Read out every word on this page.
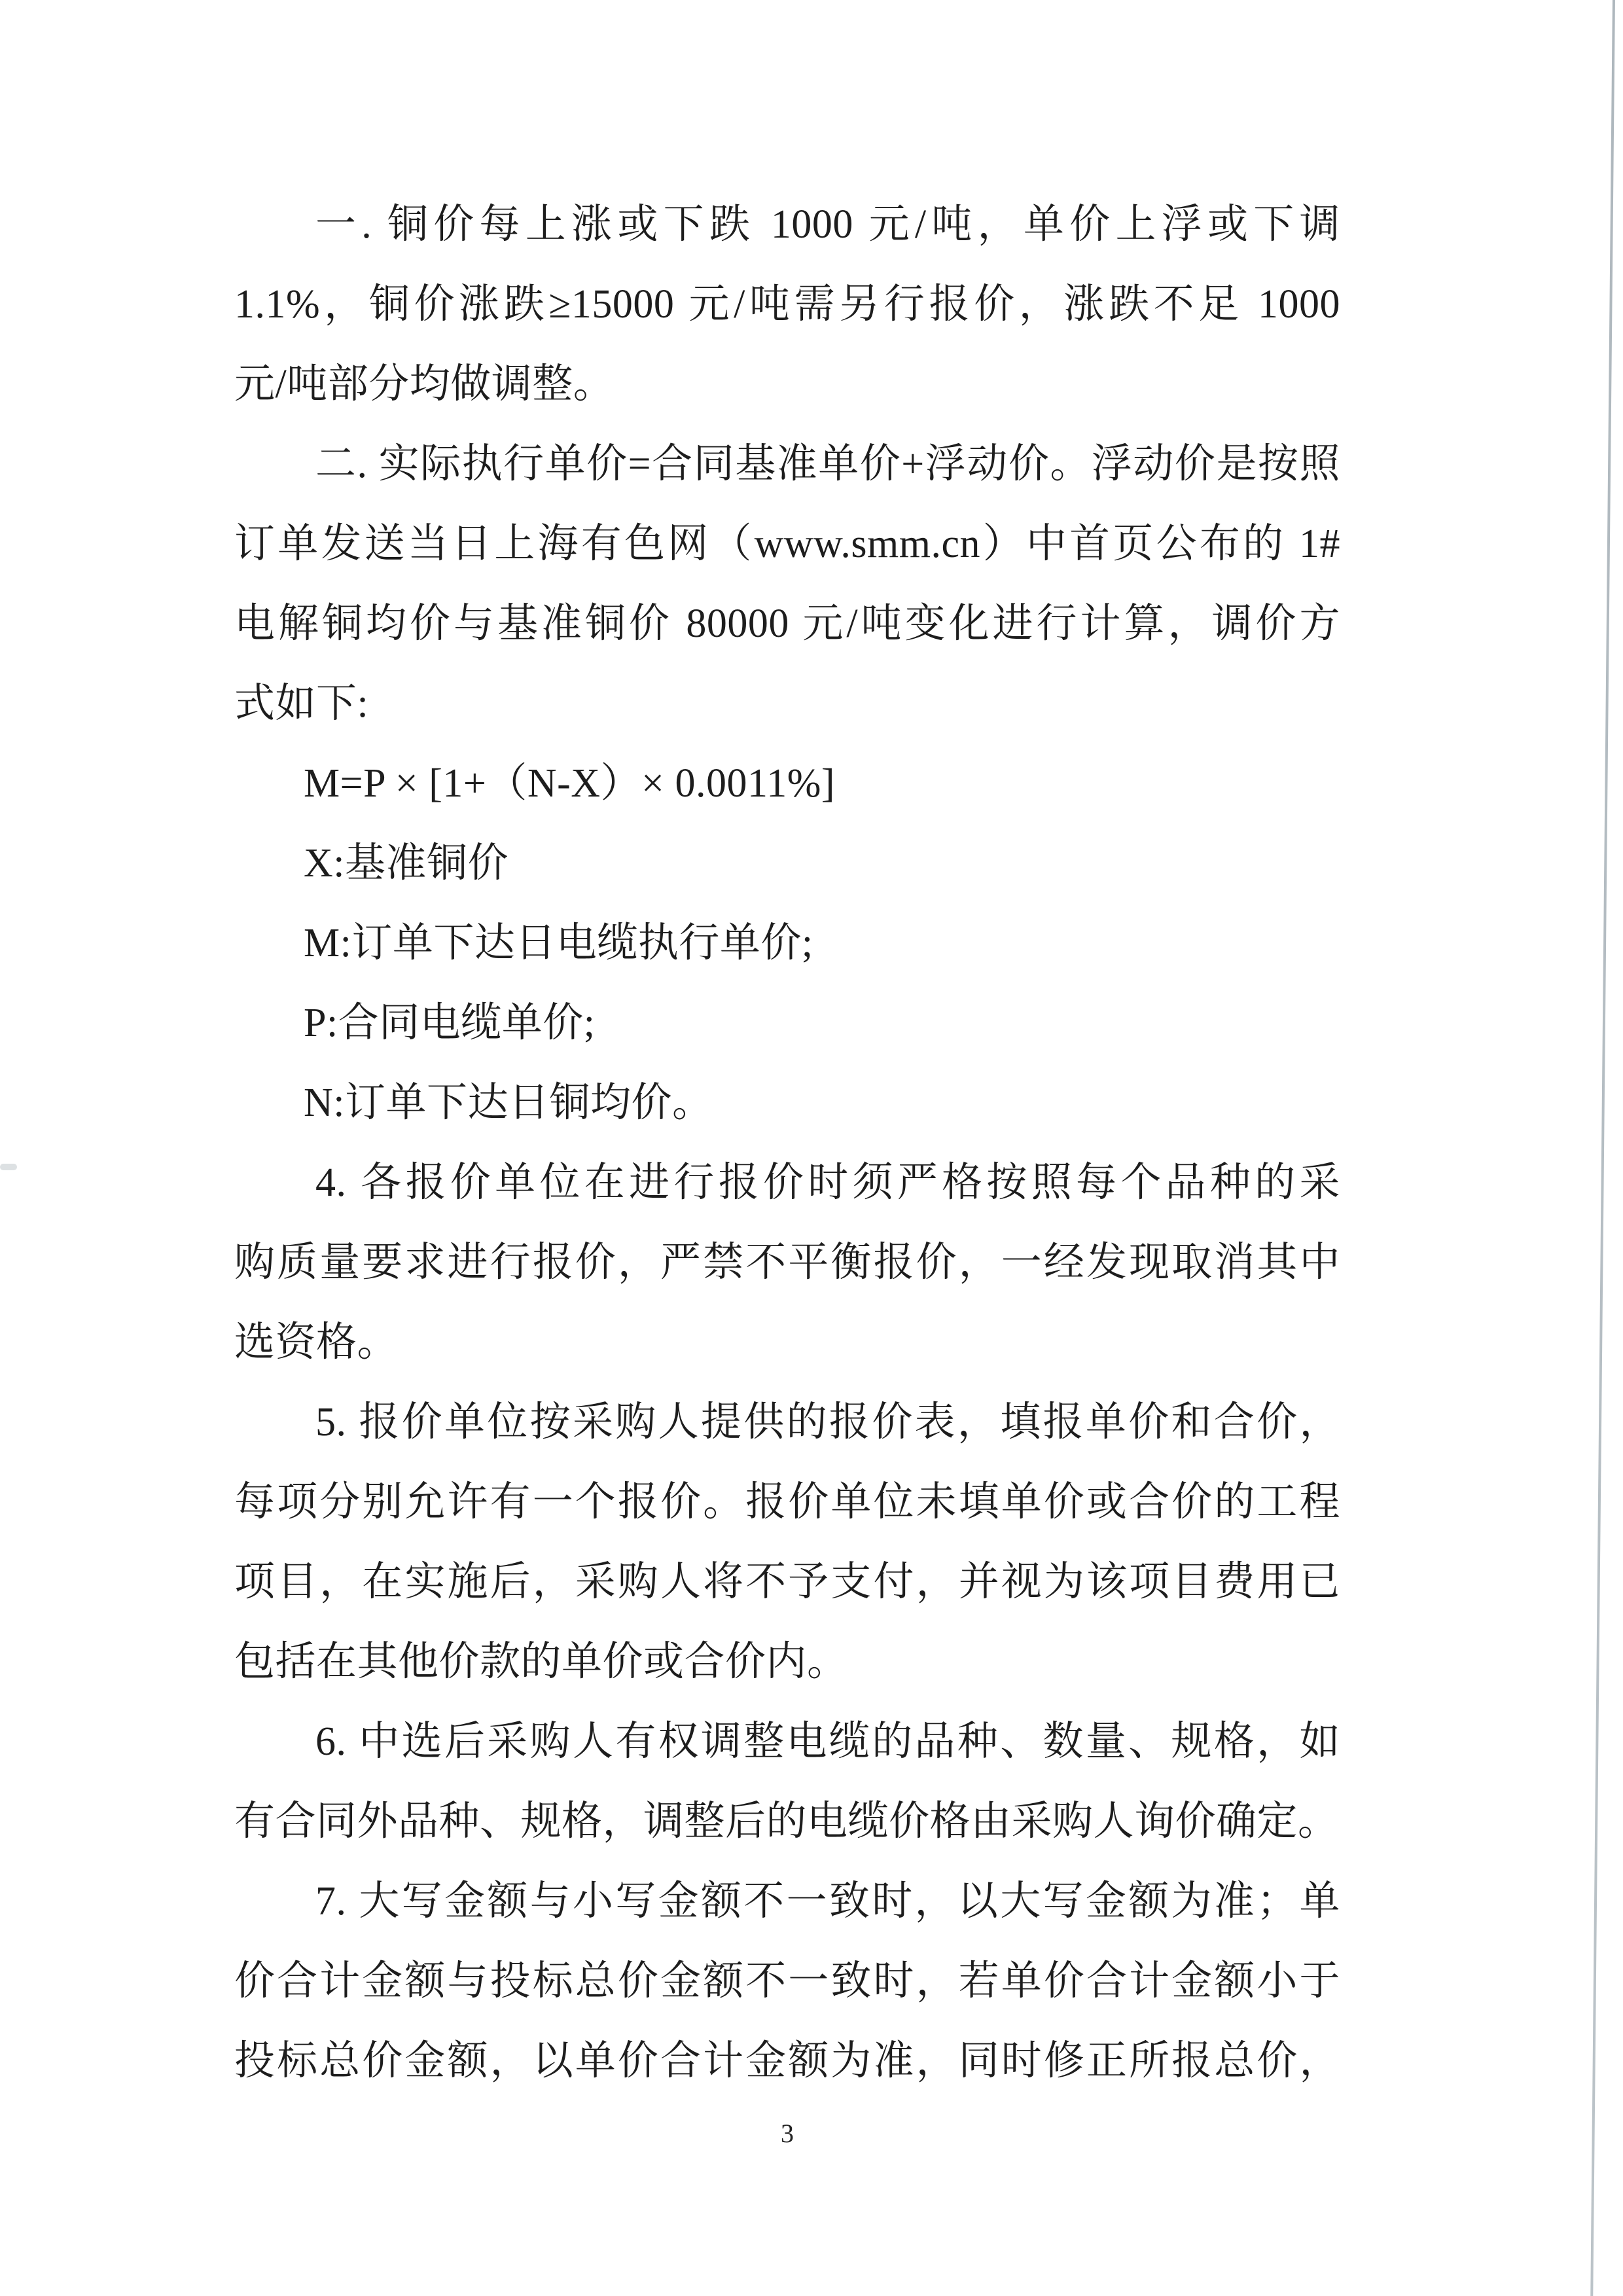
一. 铜价每上涨或下跌 1000 元/吨，单价上浮或下调

1.1%，铜价涨跌≥15000 元/吨需另行报价，涨跌不足 1000

元/吨部分均做调整。

二. 实际执行单价=合同基准单价+浮动价。浮动价是按照

订单发送当日上海有色网（www.smm.cn）中首页公布的 1#

电解铜均价与基准铜价 80000 元/吨变化进行计算，调价方

式如下:

M=P × [1+（N-X）× 0.0011%]

X:基准铜价

M:订单下达日电缆执行单价;

P:合同电缆单价;

N:订单下达日铜均价。

4. 各报价单位在进行报价时须严格按照每个品种的采

购质量要求进行报价，严禁不平衡报价，一经发现取消其中

选资格。

5. 报价单位按采购人提供的报价表，填报单价和合价，

每项分别允许有一个报价。报价单位未填单价或合价的工程

项目，在实施后，采购人将不予支付，并视为该项目费用已

包括在其他价款的单价或合价内。

6. 中选后采购人有权调整电缆的品种、数量、规格，如

有合同外品种、规格，调整后的电缆价格由采购人询价确定。

7. 大写金额与小写金额不一致时，以大写金额为准；单

价合计金额与投标总价金额不一致时，若单价合计金额小于

投标总价金额，以单价合计金额为准，同时修正所报总价，

3
